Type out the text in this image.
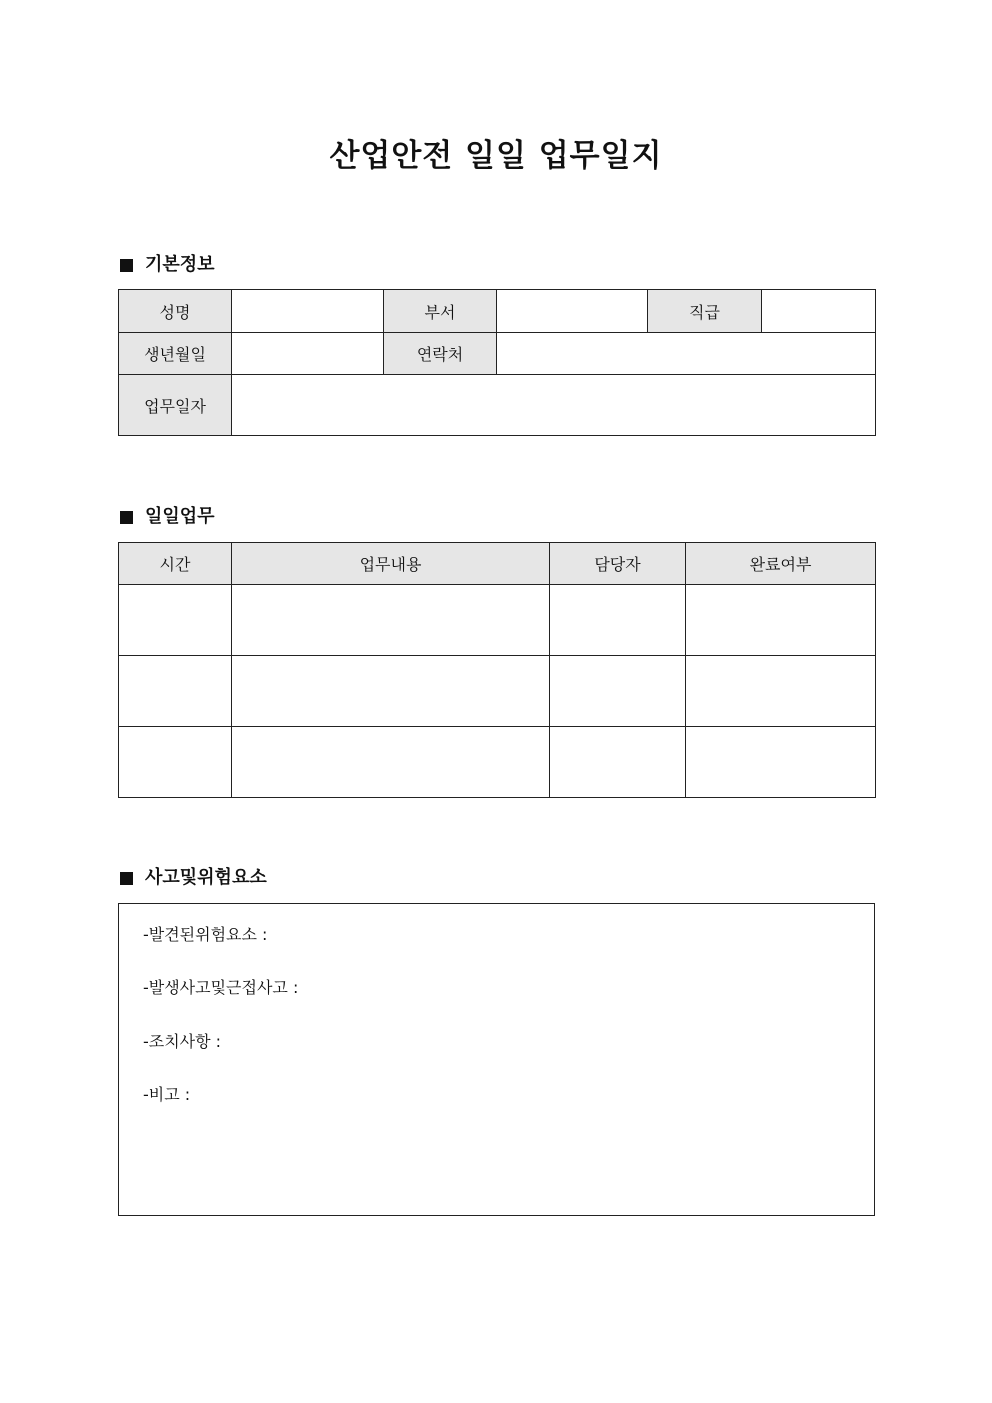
산업안전 일일 업무일지
기본정보
성명		부서		직급	
생년월일		연락처			
업무일자					
일일업무
시간	업무내용	담당자	완료여부

사고및위험요소
-발견된위험요소 :
-발생사고및근접사고 :
-조치사항 :
-비고 :
